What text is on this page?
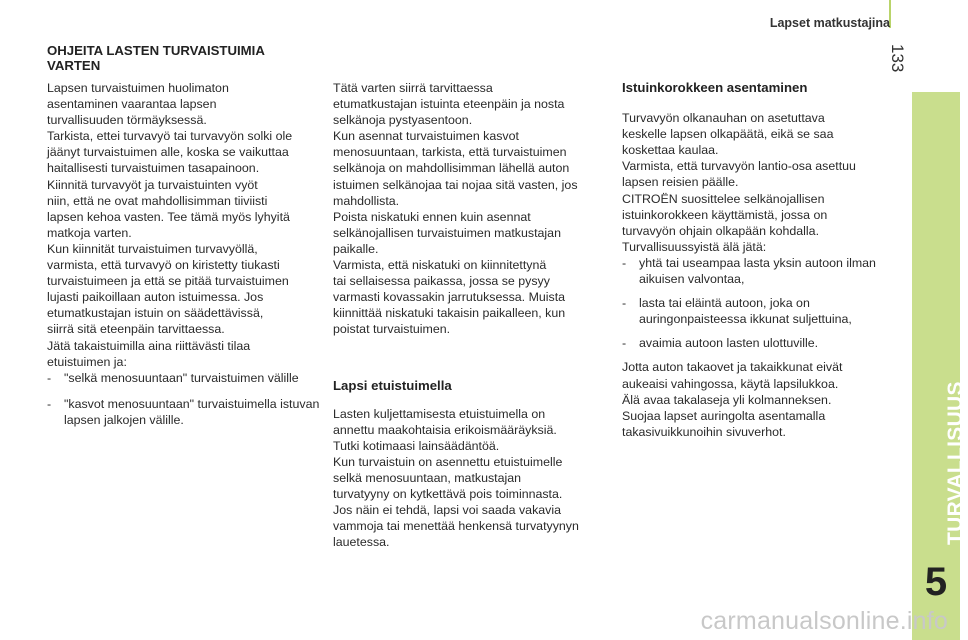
Lapset matkustajina
133
TURVALLISUUS
5
OHJEITA LASTEN TURVAISTUIMIA VARTEN

Lapsen turvaistuimen huolimaton

asentaminen vaarantaa lapsen

turvallisuuden törmäyksessä.

Tarkista, ettei turvavyö tai turvavyön solki ole

jäänyt turvaistuimen alle, koska se vaikuttaa

haitallisesti turvaistuimen tasapainoon.

Kiinnitä turvavyöt ja turvaistuinten vyöt

niin, että ne ovat mahdollisimman tiiviisti

lapsen kehoa vasten. Tee tämä myös lyhyitä

matkoja varten.

Kun kiinnität turvaistuimen turvavyöllä,

varmista, että turvavyö on kiristetty tiukasti

turvaistuimeen ja että se pitää turvaistuimen

lujasti paikoillaan auton istuimessa. Jos

etumatkustajan istuin on säädettävissä,

siirrä sitä eteenpäin tarvittaessa.

Jätä takaistuimilla aina riittävästi tilaa

etuistuimen ja:

- "selkä menosuuntaan" turvaistuimen välille
- "kasvot menosuuntaan" turvaistuimella istuvan lapsen jalkojen välille.

Tätä varten siirrä tarvittaessa

etumatkustajan istuinta eteenpäin ja nosta

selkänoja pystyasentoon.

Kun asennat turvaistuimen kasvot

menosuuntaan, tarkista, että turvaistuimen

selkänoja on mahdollisimman lähellä auton

istuimen selkänojaa tai nojaa sitä vasten, jos

mahdollista.

Poista niskatuki ennen kuin asennat

selkänojallisen turvaistuimen matkustajan

paikalle.

Varmista, että niskatuki on kiinnitettynä

tai sellaisessa paikassa, jossa se pysyy

varmasti kovassakin jarrutuksessa. Muista

kiinnittää niskatuki takaisin paikalleen, kun

poistat turvaistuimen.

Lapsi etuistuimella

Lasten kuljettamisesta etuistuimella on

annettu maakohtaisia erikoismääräyksiä.

Tutki kotimaasi lainsäädäntöä.

Kun turvaistuin on asennettu etuistuimelle

selkä menosuuntaan, matkustajan

turvatyyny on kytkettävä pois toiminnasta.

Jos näin ei tehdä, lapsi voi saada vakavia

vammoja tai menettää henkensä turvatyynyn

lauetessa.

Istuinkorokkeen asentaminen

Turvavyön olkanauhan on asetuttava

keskelle lapsen olkapäätä, eikä se saa

koskettaa kaulaa.

Varmista, että turvavyön lantio-osa asettuu

lapsen reisien päälle.

CITROËN suosittelee selkänojallisen

istuinkorokkeen käyttämistä, jossa on

turvavyön ohjain olkapään kohdalla.

Turvallisuussyistä älä jätä:

- yhtä tai useampaa lasta yksin autoon ilman aikuisen valvontaa,
- lasta tai eläintä autoon, joka on auringonpaisteessa ikkunat suljettuina,
- avaimia autoon lasten ulottuville.

Jotta auton takaovet ja takaikkunat eivät

aukeaisi vahingossa, käytä lapsilukkoa.

Älä avaa takalaseja yli kolmanneksen.

Suojaa lapset auringolta asentamalla

takasivuikkunoihin sivuverhot.

carmanualsonline.info
